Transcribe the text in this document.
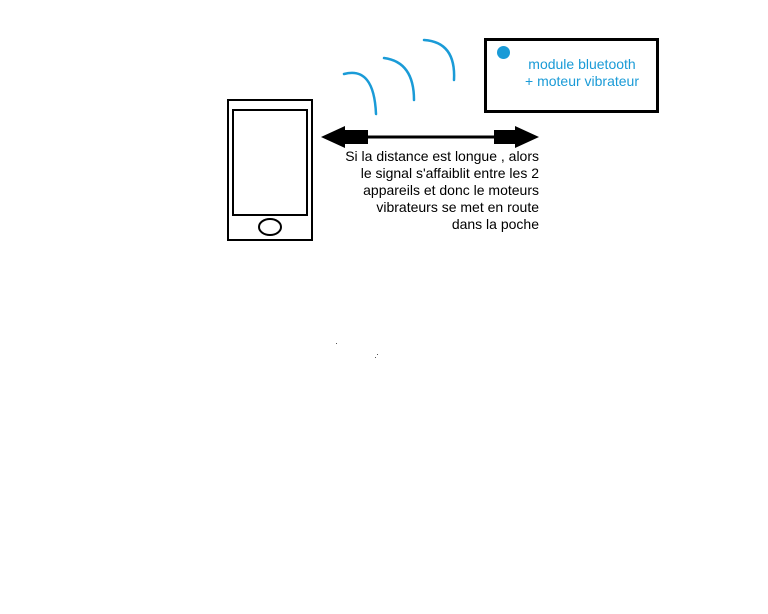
module bluetooth
+ moteur vibrateur
Si la distance est longue , alors
le signal s'affaiblit entre les 2
appareils et donc le moteurs
vibrateurs se met en route
dans la poche
